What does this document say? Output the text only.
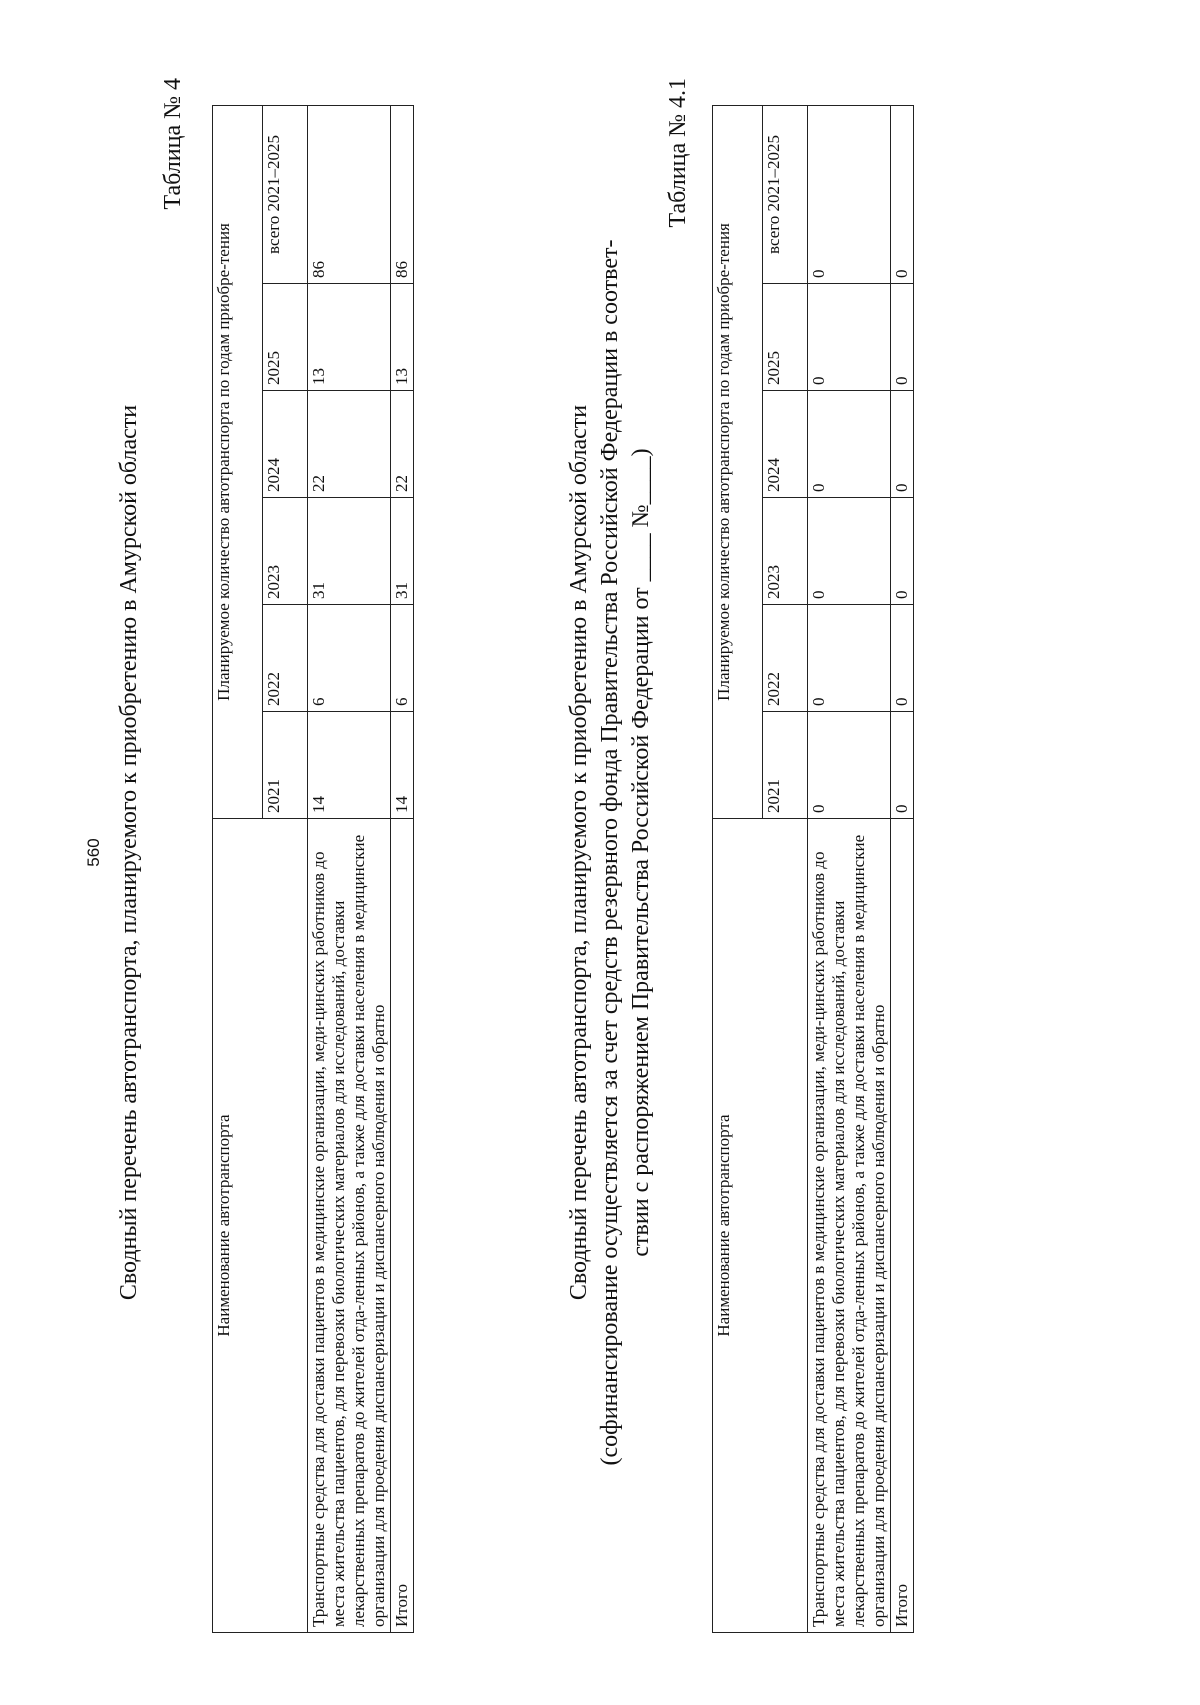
560 Сводный перечень автотранспорта, планируемого к приобретению в Амурской области
Таблица № 4
Наименование автотранспорта	Планируемое количество автотранспорта по годам приобре-тения					
	2021	2022	2023	2024	2025	всего 2021–2025
Транспортные средства для доставки пациентов в медицинские организации, меди-цинских работников до места жительства пациентов, для перевозки биологических материалов для исследований, доставки лекарственных препаратов до жителей отда-ленных районов, а также для доставки населения в медицинские организации для проедения диспансеризации и диспансерного наблюдения и обратно	14	6	31	22	13	86
Итого	14	6	31	22	13	86
Сводный перечень автотранспорта, планируемого к приобретению в Амурской области (софинансирование осуществляется за счет средств резервного фонда Правительства Российской Федерации в соответ- ствии с распоряжением Правительства Российской Федерации от ____ №____)
Таблица № 4.1
Наименование автотранспорта	Планируемое количество автотранспорта по годам приобре-тения					
	2021	2022	2023	2024	2025	всего 2021–2025
Транспортные средства для доставки пациентов в медицинские организации, меди-цинских работников до места жительства пациентов, для перевозки биологических материалов для исследований, доставки лекарственных препаратов до жителей отда-ленных районов, а также для доставки населения в медицинские организации для проедения диспансеризации и диспансерного наблюдения и обратно	0	0	0	0	0	0
Итого	0	0	0	0	0	0
